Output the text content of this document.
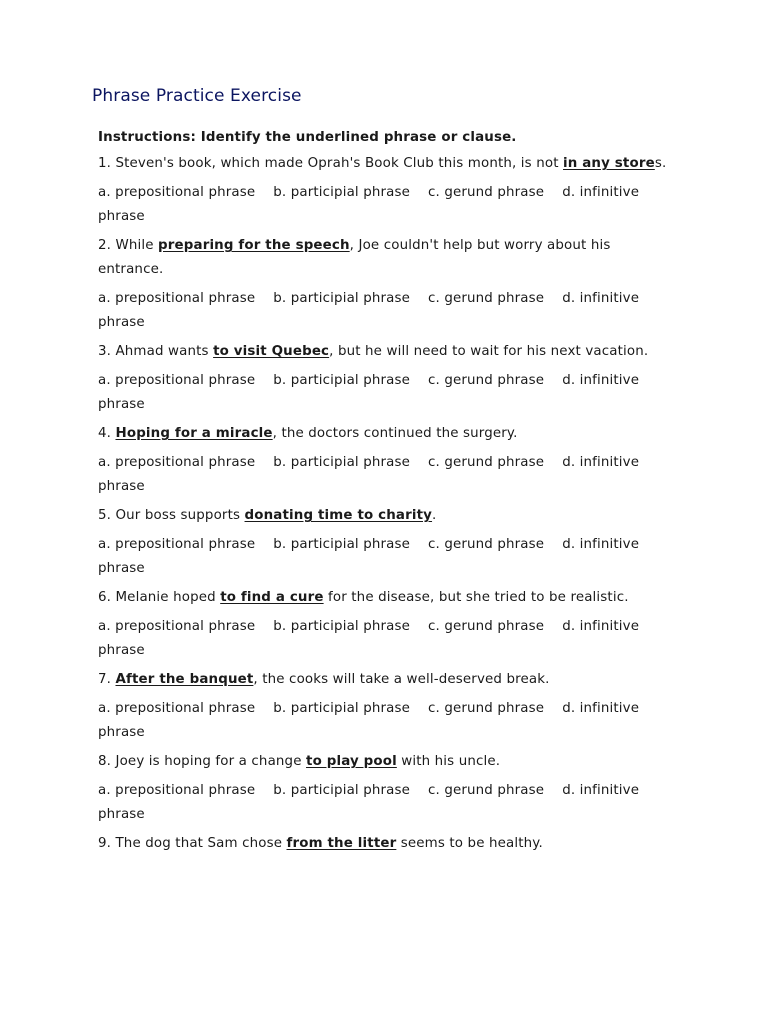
Phrase Practice Exercise
Instructions: Identify the underlined phrase or clause.
1. Steven's book, which made Oprah's Book Club this month, is not in any stores.
a. prepositional phrase b. participial phrase c. gerund phrase d. infinitive phrase
2. While preparing for the speech, Joe couldn't help but worry about his entrance.
a. prepositional phrase b. participial phrase c. gerund phrase d. infinitive phrase
3. Ahmad wants to visit Quebec, but he will need to wait for his next vacation.
a. prepositional phrase b. participial phrase c. gerund phrase d. infinitive phrase
4. Hoping for a miracle, the doctors continued the surgery.
a. prepositional phrase b. participial phrase c. gerund phrase d. infinitive phrase
5. Our boss supports donating time to charity.
a. prepositional phrase b. participial phrase c. gerund phrase d. infinitive phrase
6. Melanie hoped to find a cure for the disease, but she tried to be realistic.
a. prepositional phrase b. participial phrase c. gerund phrase d. infinitive phrase
7. After the banquet, the cooks will take a well-deserved break.
a. prepositional phrase b. participial phrase c. gerund phrase d. infinitive phrase
8. Joey is hoping for a change to play pool with his uncle.
a. prepositional phrase b. participial phrase c. gerund phrase d. infinitive phrase
9. The dog that Sam chose from the litter seems to be healthy.
